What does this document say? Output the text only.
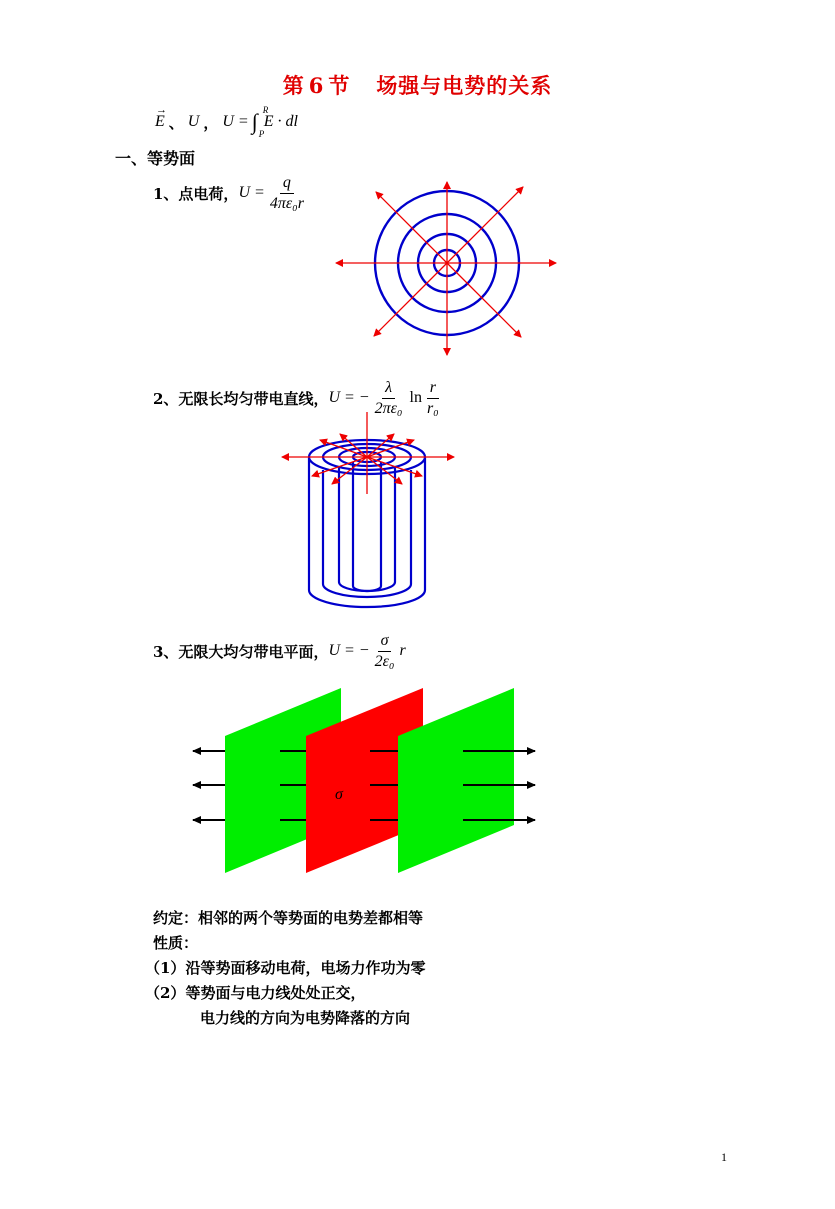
第 6 节 场强与电势的关系
→
E 、 U ， U = ∫ R
P
E · dl
一、等势面
1、点电荷， $U = \frac{q}{\text{4πε₀r}}$
2、无限长均匀带电直线， U = − $\frac{\lambda}{\text{2πε₀}}$ $\ln \frac{r}{\text{r₀}}$
3、无限大均匀带电平面， U = − $\frac{\sigma}{\text{2ε₀}}$ r
σ
约定：相邻的两个等势面的电势差都相等
性质：
（1）沿等势面移动电荷，电场力作功为零
（2）等势面与电力线处处正交，
电力线的方向为电势降落的方向
1
